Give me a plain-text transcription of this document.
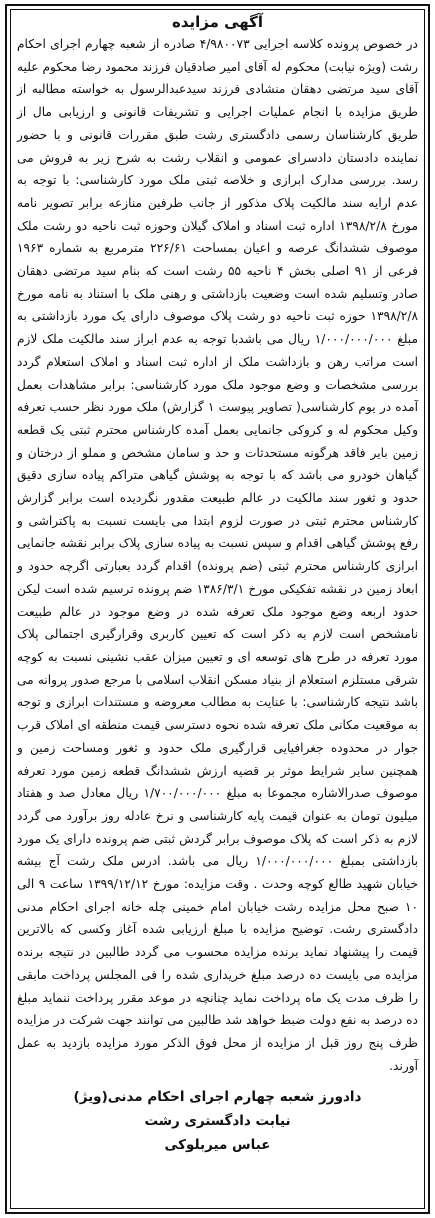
آگهی مزایده

در خصوص پرونده کلاسه اجرایی ۴/۹۸۰۰۷۳ صادره از شعبه چهارم اجرای احکام رشت (ویژه نیابت) محکوم له آقای امیر صادقیان فرزند محمود رضا محکوم علیه آقای سید مرتضی دهقان منشادی فرزند سیدعبدالرسول به خواسته مطالبه از طریق مزایده با انجام عملیات اجرایی و تشریفات قانونی و ارزیابی مال از طریق کارشناسان رسمی دادگستری رشت طبق مقررات قانونی و با حضور نماینده دادستان دادسرای عمومی و انقلاب رشت به شرح زیر به فروش می رسد. بررسی مدارک ابرازی و خلاصه ثبتی ملک مورد کارشناسی: با توجه به عدم ارایه سند مالکیت پلاک مذکور از جانب طرفین منازعه برابر تصویر نامه مورخ ۱۳۹۸/۲/۸ اداره ثبت اسناد و املاک گیلان وحوزه ثبت ناحیه دو رشت ملک موصوف ششدانگ عرصه و اعیان بمساحت ۲۲۶/۶۱ مترمربع به شماره ۱۹۶۳ فرعی از ۹۱ اصلی بخش ۴ ناحیه ۵۵ رشت است که بنام سید مرتضی دهقان صادر وتسلیم شده است وضعیت بازداشتی و رهنی ملک با استناد به نامه مورخ ۱۳۹۸/۲/۸ حوزه ثبت ناحیه دو رشت پلاک موصوف دارای یک مورد بازداشتی به مبلغ ۱/۰۰۰/۰۰۰/۰۰۰ ریال می باشدبا توجه به عدم ابراز سند مالکیت ملک لازم است مراتب رهن و بازداشت ملک از اداره ثبت اسناد و املاک استعلام گردد بررسی مشخصات و وضع موجود ملک مورد کارشناسی: برابر مشاهدات بعمل آمده در یوم کارشناسی( تصاویر پیوست ۱ گزارش) ملک مورد نظر حسب تعرفه وکیل محکوم له و کروکی جانمایی بعمل آمده کارشناس محترم ثبتی یک قطعه زمین بایر فاقد هرگونه مستحدثات و حد و سامان مشخص و مملو از درختان و گیاهان خودرو می باشد که با توجه به پوشش گیاهی متراکم پیاده سازی دقیق حدود و ثغور سند مالکیت در عالم طبیعت مقدور نگردیده است برابر گزارش کارشناس محترم ثبتی در صورت لزوم ابتدا می بایست نسبت به پاکتراشی و رفع پوشش گیاهی اقدام و سپس نسبت به پیاده سازی پلاک برابر نقشه جانمایی ابرازی کارشناس محترم ثبتی (ضم پرونده) اقدام گردد بعبارتی اگرچه حدود و ابعاد زمین در نقشه تفکیکی مورخ ۱۳۸۶/۳/۱ ضم پرونده ترسیم شده است لیکن حدود اربعه وضع موجود ملک تعرفه شده در وضع موجود در عالم طبیعت نامشخص است لازم به ذکر است که تعیین کاربری وقرارگیری اجتمالی پلاک مورد تعرفه در طرح های توسعه ای و تعیین میزان عقب نشینی نسبت به کوچه شرقی مستلزم استعلام از بنیاد مسکن انقلاب اسلامی با مرجع صدور پروانه می باشد نتیجه کارشناسی: با عنایت به مطالب معروضه و مستندات ابرازی و توجه به موقعیت مکانی ملک تعرفه شده نحوه دسترسی قیمت منطقه ای املاک قرب جوار در محدوده جغرافیایی قرارگیری ملک حدود و ثغور ومساحت زمین و همچنین سایر شرایط موثر بر قضیه ارزش ششدانگ قطعه زمین مورد تعرفه موصوف صدرالاشاره مجموعا به مبلغ ۱/۷۰۰/۰۰۰/۰۰۰ ریال معادل صد و هفتاد میلیون تومان به عنوان قیمت پایه کارشناسی و نرخ عادله روز برآورد می گردد لازم به ذکر است که پلاک موصوف برابر گردش ثبتی ضم پرونده دارای یک مورد بازداشتی بمبلغ ۱/۰۰۰/۰۰۰/۰۰۰ ریال می باشد. ادرس ملک رشت آج بیشه خیابان شهید طالع کوچه وحدت . وقت مزایده: مورخ ۱۳۹۹/۱۲/۱۲ ساعت ۹ الی ۱۰ صبح محل مزایده رشت خیابان امام خمینی چله خانه اجرای احکام مدنی دادگستری رشت. توضیح مزایده با مبلغ ارزیابی شده آغاز وکسی که بالاترین قیمت را پیشنهاد نماید برنده مزایده محسوب می گردد طالبین در نتیجه برنده مزایده می بایست ده درصد مبلغ خریداری شده را فی المجلس پرداخت مابقی را ظرف مدت یک ماه پرداخت نماید چنانچه در موعد مقرر پرداخت ننماید مبلغ ده درصد به نفع دولت ضبط خواهد شد طالبین می توانند جهت شرکت در مزایده ظرف پنج روز قبل از مزایده از محل فوق الذکر مورد مزایده بازدید به عمل آورند.

دادورز شعبه چهارم اجرای احکام مدنی(ویژ)
نیابت دادگستری رشت
عباس میربلوکی
